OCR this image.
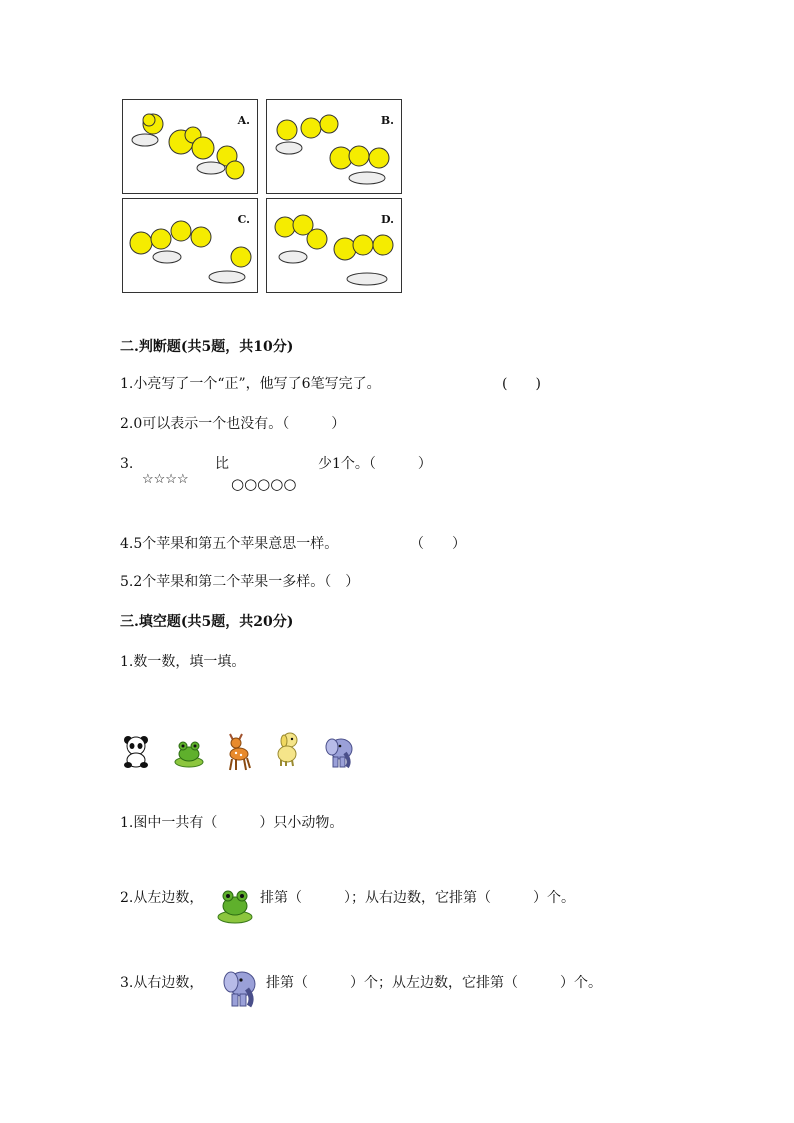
A.	B.
C.	D.
二.判断题(共5题，共10分)
1.小亮写了一个“正”，他写了6笔写完了。	(　　)
2.0可以表示一个也没有。（　　　）
3.
☆☆☆☆
比
○○○○○
少1个。（　　　）
4.5个苹果和第五个苹果意思一样。	（　　）
5.2个苹果和第二个苹果一多样。（　）
三.填空题(共5题，共20分)
1.数一数，填一填。
1.图中一共有（　　　）只小动物。
2.从左边数，	排第（　　　）；从右边数，它排第（　　　）个。
3.从右边数，	排第（　　　）个；从左边数，它排第（　　　）个。
